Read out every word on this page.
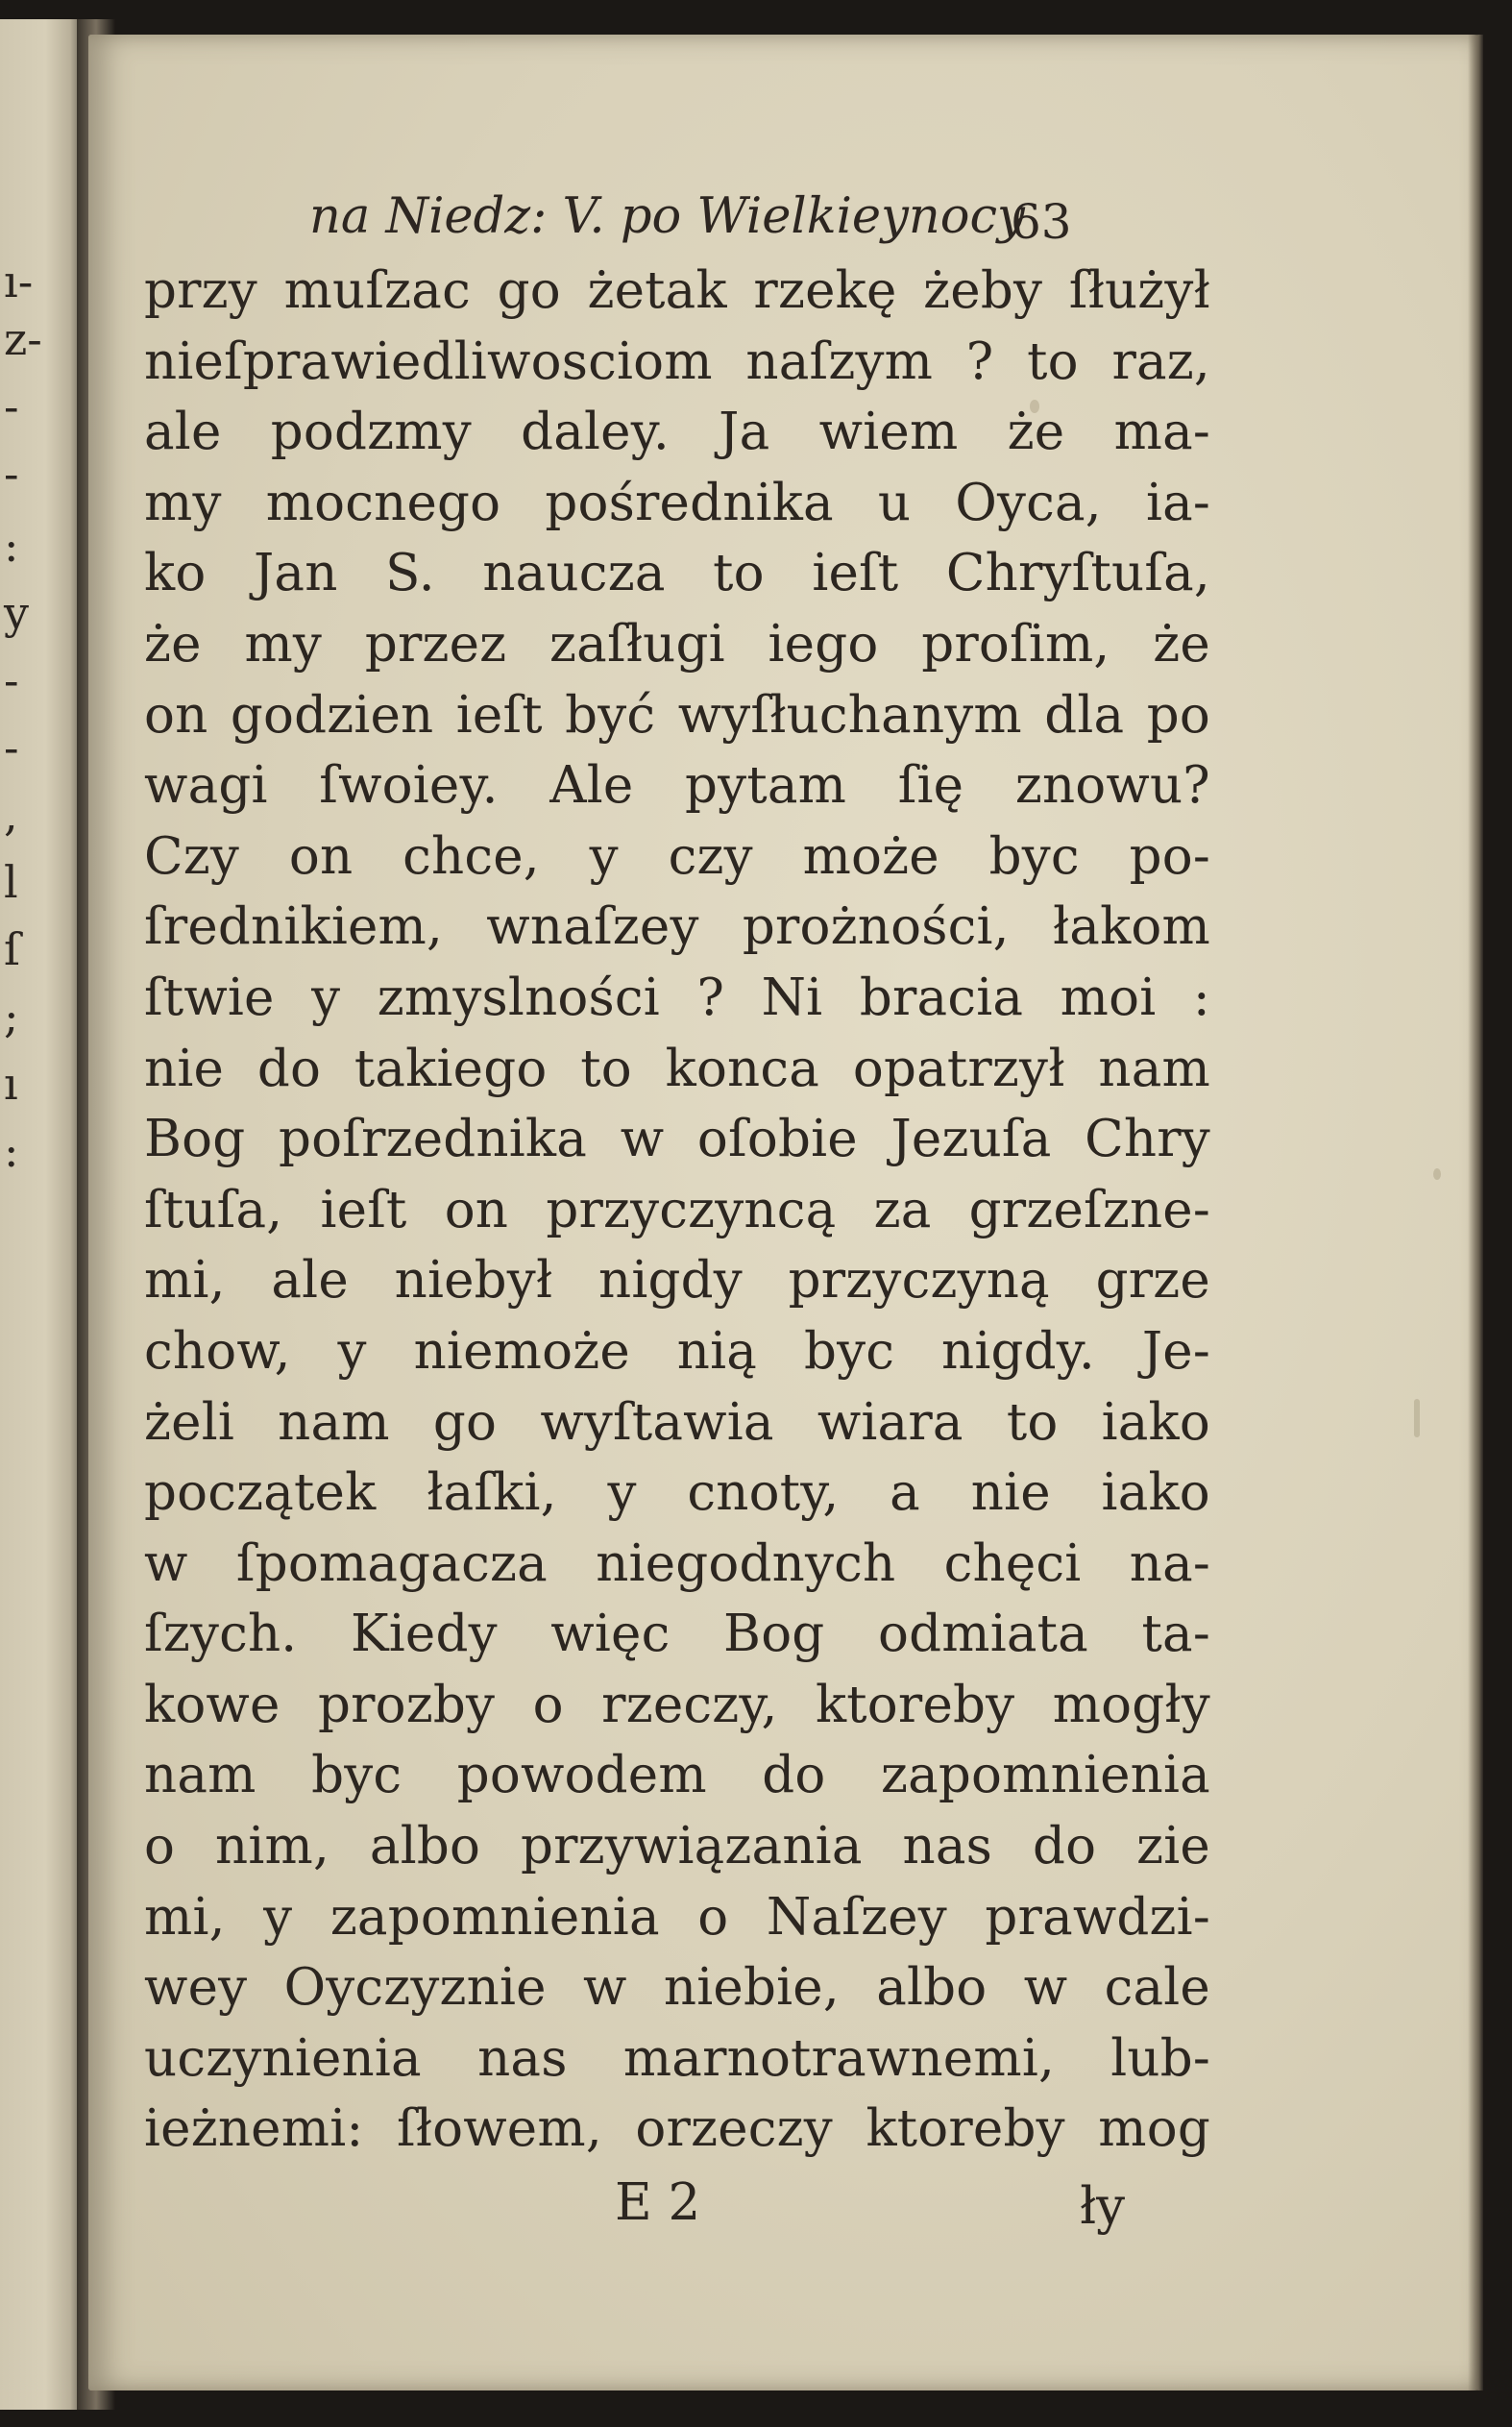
ı-
z-
-
-
:
y
-
-
,
l
ſ
;
ı
:
na Niedz: V. po Wielkieynocy
63
przy muſzac go żetak rzekę żeby ſłużył
nieſprawiedliwosciom naſzym ? to raz,
ale podzmy daley. Ja wiem że ma-
my mocnego pośrednika u Oyca, ia-
ko Jan S. naucza to ieſt Chryſtuſa,
że my przez zaſługi iego proſim, że
on godzien ieſt być wyſłuchanym dla po
wagi ſwoiey. Ale pytam ſię znowu?
Czy on chce, y czy może byc po-
ſrednikiem, wnaſzey prożności, łakom
ſtwie y zmyslności ? Ni bracia moi :
nie do takiego to konca opatrzył nam
Bog poſrzednika w oſobie Jezuſa Chry
ſtuſa, ieſt on przyczyncą za grzeſzne-
mi, ale niebył nigdy przyczyną grze
chow, y niemoże nią byc nigdy. Je-
żeli nam go wyſtawia wiara to iako
początek łaſki, y cnoty, a nie iako
w ſpomagacza niegodnych chęci na-
ſzych. Kiedy więc Bog odmiata ta-
kowe prozby o rzeczy, ktoreby mogły
nam byc powodem do zapomnienia
o nim, albo przywiązania nas do zie
mi, y zapomnienia o Naſzey prawdzi-
wey Oyczyznie w niebie, albo w cale
uczynienia nas marnotrawnemi, lub-
ieżnemi: ſłowem, orzeczy ktoreby mog
E 2	ły
